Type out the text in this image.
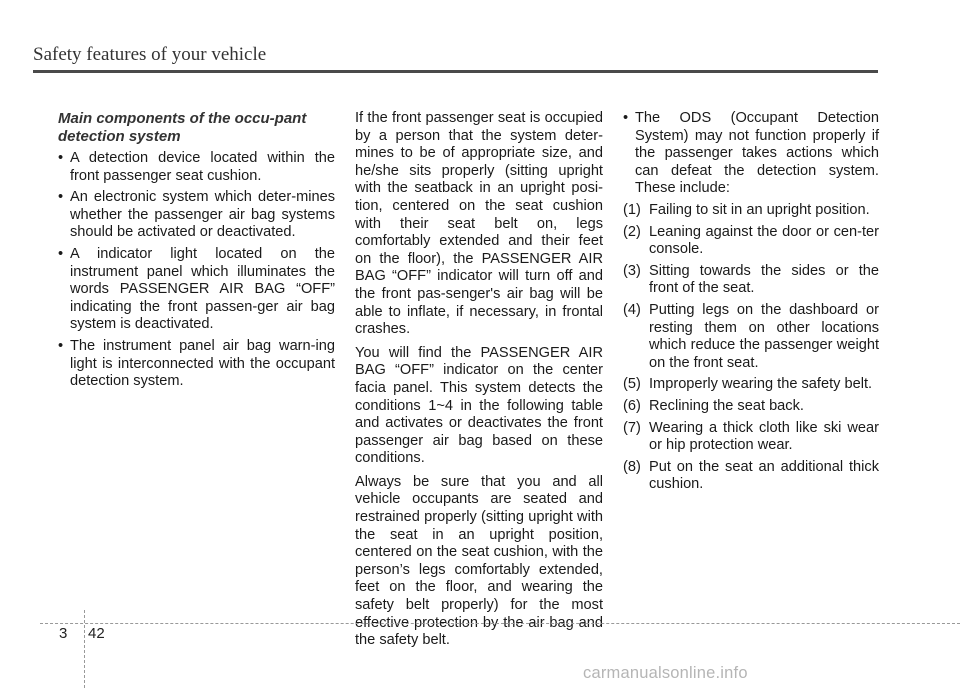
Safety features of your vehicle
Main components of the occu-pant detection system
• A detection device located within the front passenger seat cushion.
• An electronic system which deter-mines whether the passenger air bag systems should be activated or deactivated.
• A indicator light located on the instrument panel which illuminates the words PASSENGER AIR BAG “OFF” indicating the front passen-ger air bag system is deactivated.
• The instrument panel air bag warn-ing light is interconnected with the occupant detection system.

If the front passenger seat is occupied by a person that the system deter-mines to be of appropriate size, and he/she sits properly (sitting upright with the seatback in an upright posi-tion, centered on the seat cushion with their seat belt on, legs comfortably extended and their feet on the floor), the PASSENGER AIR BAG “OFF” indicator will turn off and the front pas-senger's air bag will be able to inflate, if necessary, in frontal crashes.

You will find the PASSENGER AIR BAG “OFF” indicator on the center facia panel. This system detects the conditions 1~4 in the following table and activates or deactivates the front passenger air bag based on these conditions.

Always be sure that you and all vehicle occupants are seated and restrained properly (sitting upright with the seat in an upright position, centered on the seat cushion, with the person’s legs comfortably extended, feet on the floor, and wearing the safety belt properly) for the most effective protection by the air bag and the safety belt.

• The ODS (Occupant Detection System) may not function properly if the passenger takes actions which can defeat the detection system. These include:
(1) Failing to sit in an upright position.
(2) Leaning against the door or cen-ter console.
(3) Sitting towards the sides or the front of the seat.
(4) Putting legs on the dashboard or resting them on other locations which reduce the passenger weight on the front seat.
(5) Improperly wearing the safety belt.
(6) Reclining the seat back.
(7) Wearing a thick cloth like ski wear or hip protection wear.
(8) Put on the seat an additional thick cushion.
3 42
carmanualsonline.info
